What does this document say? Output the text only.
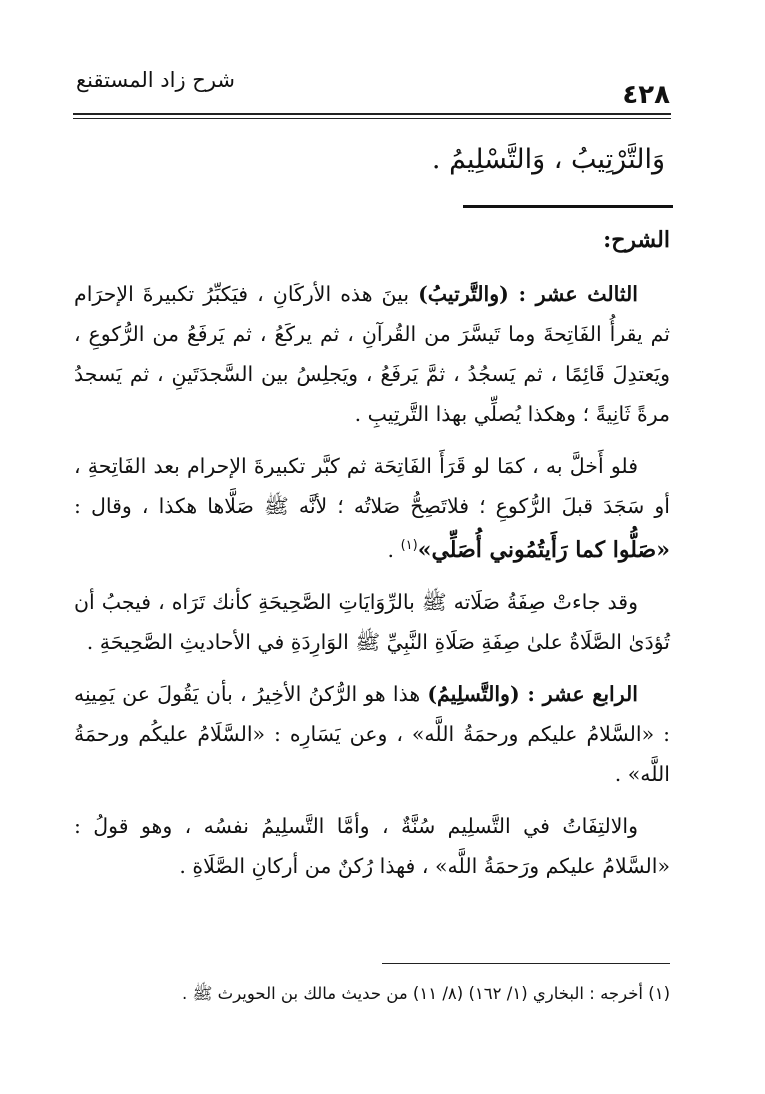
٤٢٨
شرح زاد المستقنع
وَالتَّرْتِيبُ ، وَالتَّسْلِيمُ .
الشرح:

الثالث عشر : (والتَّرتيبُ) بينَ هذه الأركَانِ ، فيَكبِّرُ تكبيرةَ الإحرَام ثم يقرأُ الفَاتِحةَ وما تَيسَّرَ من القُرآنِ ، ثم يركَعُ ، ثم يَرفَعُ من الرُّكوعِ ، ويَعتدِلَ قَائِمًا ، ثم يَسجُدُ ، ثمَّ يَرفَعُ ، ويَجلِسُ بين السَّجدَتَينِ ، ثم يَسجدُ مرةً ثَانِيةً ؛ وهكذا يُصلِّي بهذا التَّرتِيبِ .

فلو أَخلَّ به ، كمَا لو قَرَأَ الفَاتِحَة ثم كبَّر تكبيرةَ الإحرام بعد الفَاتِحةِ ، أو سَجَدَ قبلَ الرُّكوعِ ؛ فلاتَصِحُّ صَلاتُه ؛ لأنَّه ﷺ صَلَّاها هكذا ، وقال : «صَلُّوا كما رَأَيتُمُوني أُصَلِّي»$^{(١)}$ .

وقد جاءتْ صِفَةُ صَلَاته ﷺ بالرِّوَايَاتِ الصَّحِيحَةِ كأنك تَرَاه ، فيجبُ أن تُؤدَىٰ الصَّلَاةُ علىٰ صِفَةِ صَلَاةِ النَّبِيِّ ﷺ الوَارِدَةِ في الأحاديثِ الصَّحِيحَةِ .

الرابع عشر : (والتَّسلِيمُ) هذا هو الرُّكنُ الأخِيرُ ، بأن يَقُولَ عن يَمِينِه : «السَّلامُ عليكم ورحمَةُ اللَّه» ، وعن يَسَارِه : «السَّلَامُ عليكُم ورحمَةُ اللَّه» .

والالتِفَاتُ في التَّسلِيم سُنَّةٌ ، وأمَّا التَّسلِيمُ نفسُه ، وهو قولُ : «السَّلامُ عليكم ورَحمَةُ اللَّه» ، فهذا رُكنٌ من أركانِ الصَّلَاةِ .

(١) أخرجه : البخاري (١/ ١٦٢) (٨/ ١١) من حديث مالك بن الحويرث ﷺ .
